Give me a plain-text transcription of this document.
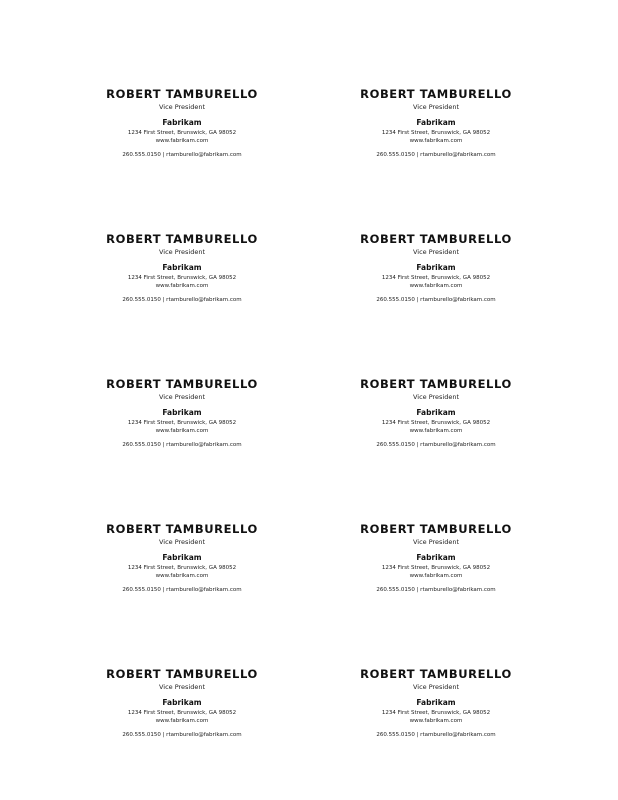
ROBERT TAMBURELLO
Vice President
Fabrikam
1234 First Street, Brunswick, GA 98052
www.fabrikam.com
260.555.0150 | rtamburello@fabrikam.com
ROBERT TAMBURELLO
Vice President
Fabrikam
1234 First Street, Brunswick, GA 98052
www.fabrikam.com
260.555.0150 | rtamburello@fabrikam.com
ROBERT TAMBURELLO
Vice President
Fabrikam
1234 First Street, Brunswick, GA 98052
www.fabrikam.com
260.555.0150 | rtamburello@fabrikam.com
ROBERT TAMBURELLO
Vice President
Fabrikam
1234 First Street, Brunswick, GA 98052
www.fabrikam.com
260.555.0150 | rtamburello@fabrikam.com
ROBERT TAMBURELLO
Vice President
Fabrikam
1234 First Street, Brunswick, GA 98052
www.fabrikam.com
260.555.0150 | rtamburello@fabrikam.com
ROBERT TAMBURELLO
Vice President
Fabrikam
1234 First Street, Brunswick, GA 98052
www.fabrikam.com
260.555.0150 | rtamburello@fabrikam.com
ROBERT TAMBURELLO
Vice President
Fabrikam
1234 First Street, Brunswick, GA 98052
www.fabrikam.com
260.555.0150 | rtamburello@fabrikam.com
ROBERT TAMBURELLO
Vice President
Fabrikam
1234 First Street, Brunswick, GA 98052
www.fabrikam.com
260.555.0150 | rtamburello@fabrikam.com
ROBERT TAMBURELLO
Vice President
Fabrikam
1234 First Street, Brunswick, GA 98052
www.fabrikam.com
260.555.0150 | rtamburello@fabrikam.com
ROBERT TAMBURELLO
Vice President
Fabrikam
1234 First Street, Brunswick, GA 98052
www.fabrikam.com
260.555.0150 | rtamburello@fabrikam.com
